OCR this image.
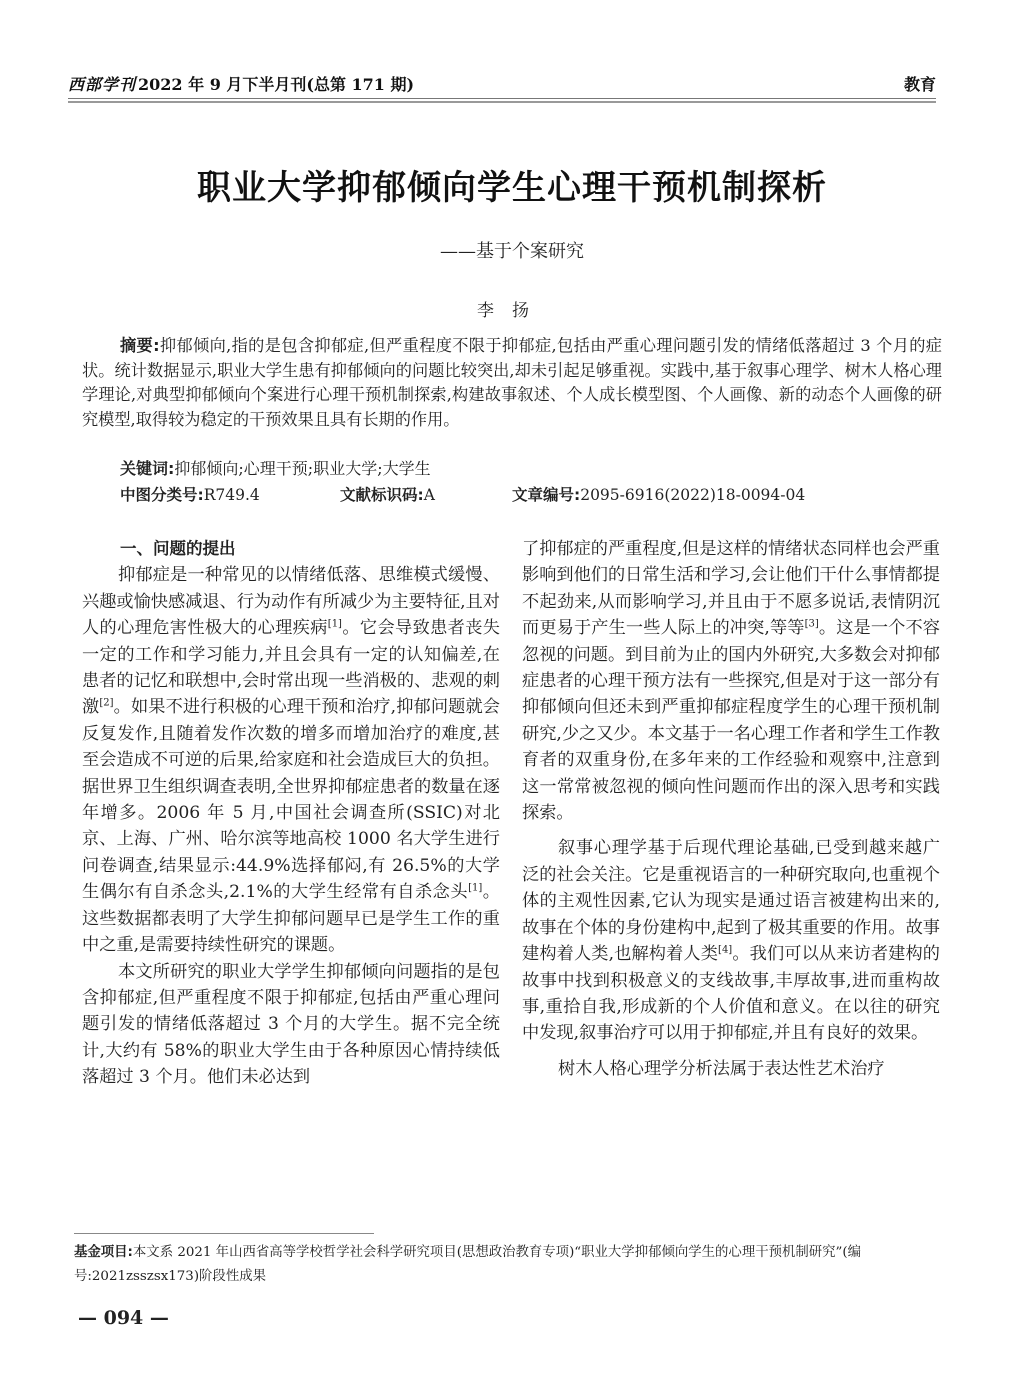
西部学刊 2022 年 9 月下半月刊(总第 171 期)	教育
职业大学抑郁倾向学生心理干预机制探析
——基于个案研究
李扬

摘要:抑郁倾向,指的是包含抑郁症,但严重程度不限于抑郁症,包括由严重心理问题引发的情绪低落超过 3 个月的症状。统计数据显示,职业大学生患有抑郁倾向的问题比较突出,却未引起足够重视。实践中,基于叙事心理学、树木人格心理学理论,对典型抑郁倾向个案进行心理干预机制探索,构建故事叙述、个人成长模型图、个人画像、新的动态个人画像的研究模型,取得较为稳定的干预效果且具有长期的作用。

关键词:抑郁倾向;心理干预;职业大学;大学生
中图分类号:R749.4	文献标识码:A	文章编号:2095-6916(2022)18-0094-04

一、问题的提出

抑郁症是一种常见的以情绪低落、思维模式缓慢、兴趣或愉快感减退、行为动作有所减少为主要特征,且对人的心理危害性极大的心理疾病[1]。它会导致患者丧失一定的工作和学习能力,并且会具有一定的认知偏差,在患者的记忆和联想中,会时常出现一些消极的、悲观的刺激[2]。如果不进行积极的心理干预和治疗,抑郁问题就会反复发作,且随着发作次数的增多而增加治疗的难度,甚至会造成不可逆的后果,给家庭和社会造成巨大的负担。据世界卫生组织调查表明,全世界抑郁症患者的数量在逐年增多。2006 年 5 月,中国社会调查所(SSIC)对北京、上海、广州、哈尔滨等地高校 1000 名大学生进行问卷调查,结果显示:44.9%选择郁闷,有 26.5%的大学生偶尔有自杀念头,2.1%的大学生经常有自杀念头[1]。这些数据都表明了大学生抑郁问题早已是学生工作的重中之重,是需要持续性研究的课题。

本文所研究的职业大学学生抑郁倾向问题指的是包含抑郁症,但严重程度不限于抑郁症,包括由严重心理问题引发的情绪低落超过 3 个月的大学生。据不完全统计,大约有 58%的职业大学生由于各种原因心情持续低落超过 3 个月。他们未必达到

了抑郁症的严重程度,但是这样的情绪状态同样也会严重影响到他们的日常生活和学习,会让他们干什么事情都提不起劲来,从而影响学习,并且由于不愿多说话,表情阴沉而更易于产生一些人际上的冲突,等等[3]。这是一个不容忽视的问题。到目前为止的国内外研究,大多数会对抑郁症患者的心理干预方法有一些探究,但是对于这一部分有抑郁倾向但还未到严重抑郁症程度学生的心理干预机制研究,少之又少。本文基于一名心理工作者和学生工作教育者的双重身份,在多年来的工作经验和观察中,注意到这一常常被忽视的倾向性问题而作出的深入思考和实践探索。

叙事心理学基于后现代理论基础,已受到越来越广泛的社会关注。它是重视语言的一种研究取向,也重视个体的主观性因素,它认为现实是通过语言被建构出来的,故事在个体的身份建构中,起到了极其重要的作用。故事建构着人类,也解构着人类[4]。我们可以从来访者建构的故事中找到积极意义的支线故事,丰厚故事,进而重构故事,重拾自我,形成新的个人价值和意义。在以往的研究中发现,叙事治疗可以用于抑郁症,并且有良好的效果。

树木人格心理学分析法属于表达性艺术治疗

基金项目:本文系 2021 年山西省高等学校哲学社会科学研究项目(思想政治教育专项)“职业大学抑郁倾向学生的心理干预机制研究”(编号:2021zsszsx173)阶段性成果
— 094 —
